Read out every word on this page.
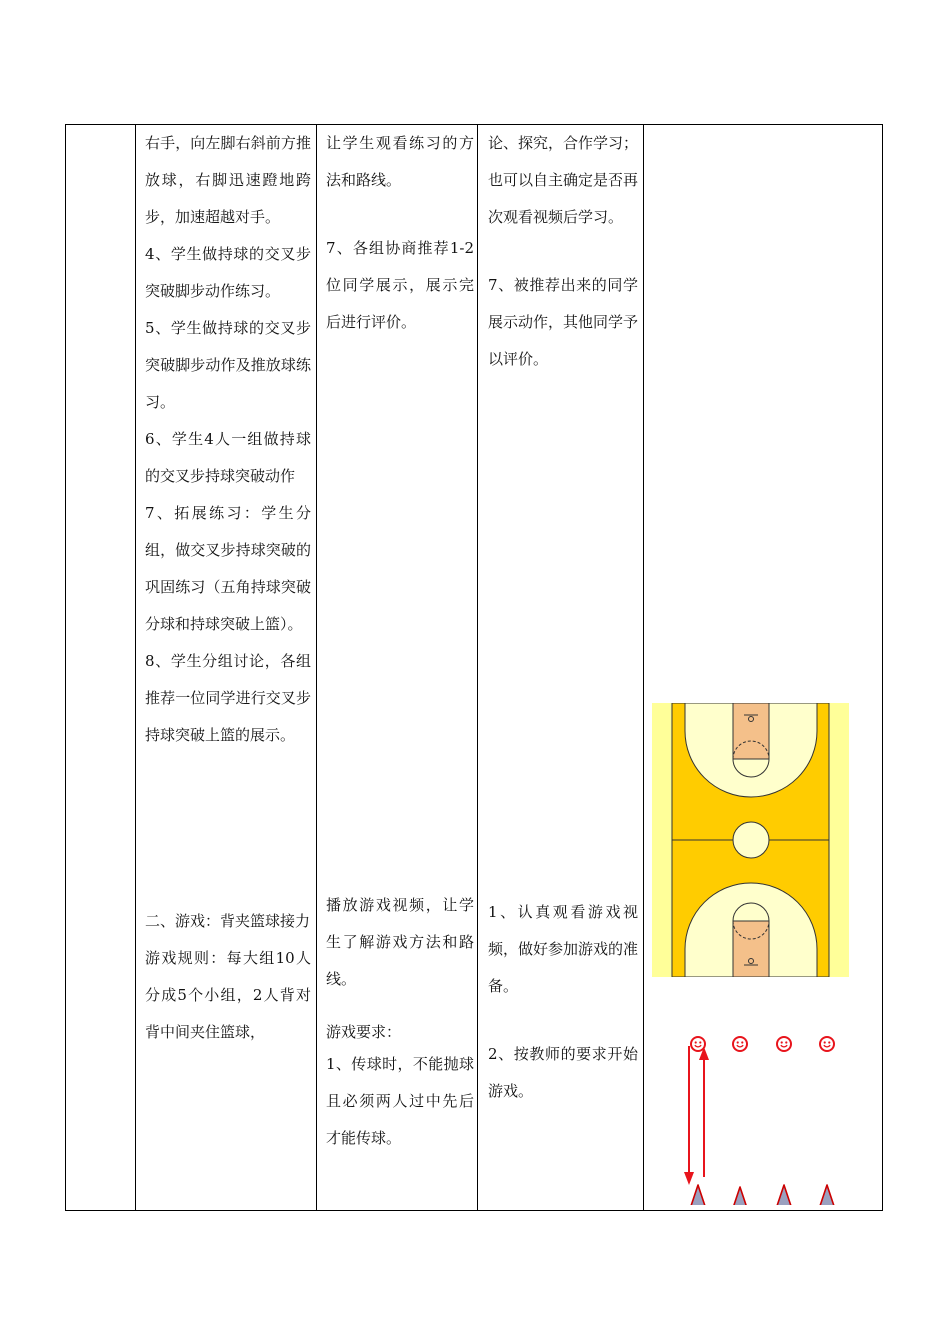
右手，向左脚右斜前方推放球，右脚迅速蹬地跨步，加速超越对手。

4、学生做持球的交叉步突破脚步动作练习。

5、学生做持球的交叉步突破脚步动作及推放球练习。

6、学生4人一组做持球的交叉步持球突破动作

7、拓展练习：学生分组，做交叉步持球突破的巩固练习（五角持球突破分球和持球突破上篮）。

8、学生分组讨论，各组推荐一位同学进行交叉步持球突破上篮的展示。

二、游戏：背夹篮球接力

游戏规则：每大组10人分成5个小组，2人背对背中间夹住篮球，

让学生观看练习的方法和路线。

7、各组协商推荐1-2位同学展示，展示完后进行评价。

播放游戏视频，让学生了解游戏方法和路线。

游戏要求：

1、传球时，不能抛球且必须两人过中先后才能传球。

论、探究，合作学习；也可以自主确定是否再次观看视频后学习。

7、被推荐出来的同学展示动作，其他同学予以评价。

1、认真观看游戏视频，做好参加游戏的准备。

2、按教师的要求开始游戏。
